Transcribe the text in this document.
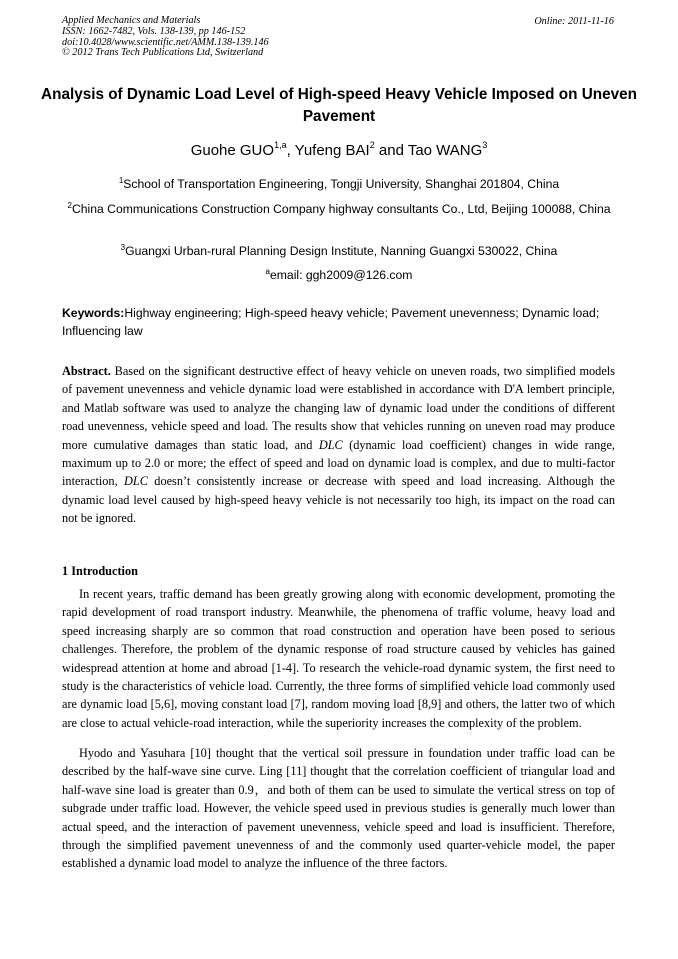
Applied Mechanics and Materials
ISSN: 1662-7482, Vols. 138-139, pp 146-152
doi:10.4028/www.scientific.net/AMM.138-139.146
© 2012 Trans Tech Publications Ltd, Switzerland
Online: 2011-11-16
Analysis of Dynamic Load Level of High-speed Heavy Vehicle Imposed on Uneven Pavement
Guohe GUO$^{1,a}$, Yufeng BAI$^2$ and Tao WANG$^3$
$^1$School of Transportation Engineering, Tongji University, Shanghai 201804, China
$^2$China Communications Construction Company highway consultants Co., Ltd, Beijing 100088, China
$^3$Guangxi Urban-rural Planning Design Institute, Nanning Guangxi 530022, China
$^a$email: ggh2009@126.com
Keywords:Highway engineering; High-speed heavy vehicle; Pavement unevenness; Dynamic load; Influencing law
Abstract. Based on the significant destructive effect of heavy vehicle on uneven roads, two simplified models of pavement unevenness and vehicle dynamic load were established in accordance with D'A lembert principle, and Matlab software was used to analyze the changing law of dynamic load under the conditions of different road unevenness, vehicle speed and load. The results show that vehicles running on uneven road may produce more cumulative damages than static load, and DLC (dynamic load coefficient) changes in wide range, maximum up to 2.0 or more; the effect of speed and load on dynamic load is complex, and due to multi-factor interaction, DLC doesn’t consistently increase or decrease with speed and load increasing. Although the dynamic load level caused by high-speed heavy vehicle is not necessarily too high, its impact on the road can not be ignored.
1 Introduction
In recent years, traffic demand has been greatly growing along with economic development, promoting the rapid development of road transport industry. Meanwhile, the phenomena of traffic volume, heavy load and speed increasing sharply are so common that road construction and operation have been posed to serious challenges. Therefore, the problem of the dynamic response of road structure caused by vehicles has gained widespread attention at home and abroad [1-4]. To research the vehicle-road dynamic system, the first need to study is the characteristics of vehicle load. Currently, the three forms of simplified vehicle load commonly used are dynamic load [5,6], moving constant load [7], random moving load [8,9] and others, the latter two of which are close to actual vehicle-road interaction, while the superiority increases the complexity of the problem.
Hyodo and Yasuhara [10] thought that the vertical soil pressure in foundation under traffic load can be described by the half-wave sine curve. Ling [11] thought that the correlation coefficient of triangular load and half-wave sine load is greater than 0.9，and both of them can be used to simulate the vertical stress on top of subgrade under traffic load. However, the vehicle speed used in previous studies is generally much lower than actual speed, and the interaction of pavement unevenness, vehicle speed and load is insufficient. Therefore, through the simplified pavement unevenness of and the commonly used quarter-vehicle model, the paper established a dynamic load model to analyze the influence of the three factors.
